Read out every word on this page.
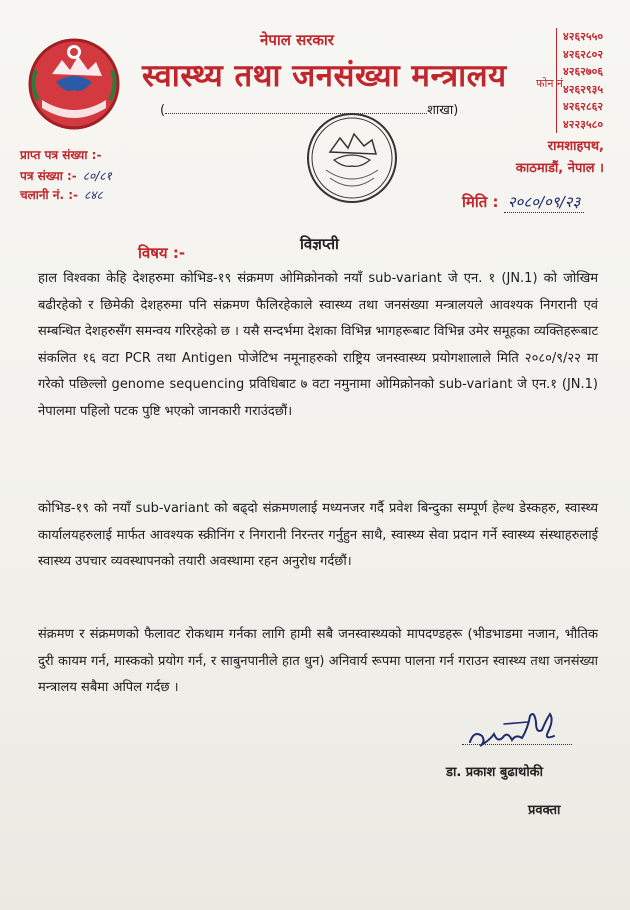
नेपाल सरकार
स्वास्थ्य तथा जनसंख्या मन्त्रालय
(	शाखा)
फोन नं
४२६२५५०
४२६२८०२
४२६२७०६
४२६२९३५
४२६२८६२
४२२३५८०
प्राप्त पत्र संख्या :-
पत्र संख्या :- ८०/८१
चलानी नं. :- ८४८
रामशाहपथ,
काठमाडौं, नेपाल ।
मिति : २०८०/०९/२३
विज्ञप्ती
विषय :-
हाल विश्वका केहि देशहरुमा कोभिड-१९ संक्रमण ओमिक्रोनको नयाँ sub-variant जे एन. १ (JN.1) को जोखिम बढीरहेको र छिमेकी देशहरुमा पनि संक्रमण फैलिरहेकाले स्वास्थ्य तथा जनसंख्या मन्त्रालयले आवश्यक निगरानी एवं सम्बन्धित देशहरुसँग समन्वय गरिरहेको छ । यसै सन्दर्भमा देशका विभिन्न भागहरूबाट विभिन्न उमेर समूहका व्यक्तिहरूबाट संकलित १६ वटा PCR तथा Antigen पोजेटिभ नमूनाहरुको राष्ट्रिय जनस्वास्थ्य प्रयोगशालाले मिति २०८०/९/२२ मा गरेको पछिल्लो genome sequencing प्रविधिबाट ७ वटा नमुनामा ओमिक्रोनको sub-variant जे एन.१ (JN.1) नेपालमा पहिलो पटक पुष्टि भएको जानकारी गराउंदछौं।
कोभिड-१९ को नयाँ sub-variant को बढ्दो संक्रमणलाई मध्यनजर गर्दै प्रवेश बिन्दुका सम्पूर्ण हेल्थ डेस्कहरु, स्वास्थ्य कार्यालयहरुलाई मार्फत आवश्यक स्क्रीनिंग र निगरानी निरन्तर गर्नुहुन साथै, स्वास्थ्य सेवा प्रदान गर्ने स्वास्थ्य संस्थाहरुलाई स्वास्थ्य उपचार व्यवस्थापनको तयारी अवस्थामा रहन अनुरोध गर्दछौं।
संक्रमण र संक्रमणको फैलावट रोकथाम गर्नका लागि हामी सबै जनस्वास्थ्यको मापदण्डहरू (भीडभाडमा नजान, भौतिक दुरी कायम गर्न, मास्कको प्रयोग गर्न, र साबुनपानीले हात धुन) अनिवार्य रूपमा पालना गर्न गराउन स्वास्थ्य तथा जनसंख्या मन्त्रालय सबैमा अपिल गर्दछ ।
डा. प्रकाश बुढाथोकी
प्रवक्ता
